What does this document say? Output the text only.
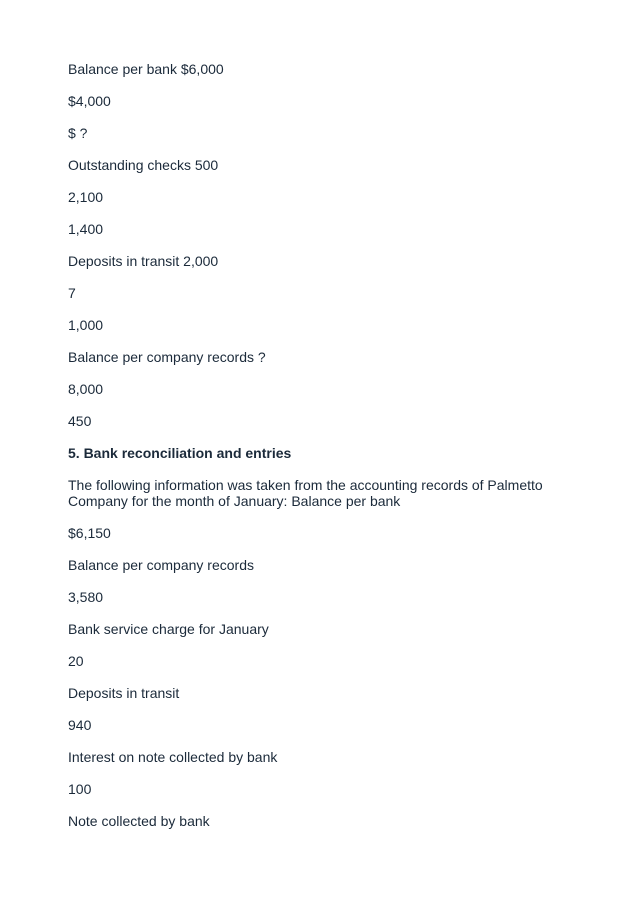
Balance per bank $6,000

$4,000

$ ?

Outstanding checks 500

2,100

1,400

Deposits in transit 2,000

7

1,000

Balance per company records ?

8,000

450

5. Bank reconciliation and entries

The following information was taken from the accounting records of Palmetto Company for the month of January: Balance per bank

$6,150

Balance per company records

3,580

Bank service charge for January

20

Deposits in transit

940

Interest on note collected by bank

100

Note collected by bank
